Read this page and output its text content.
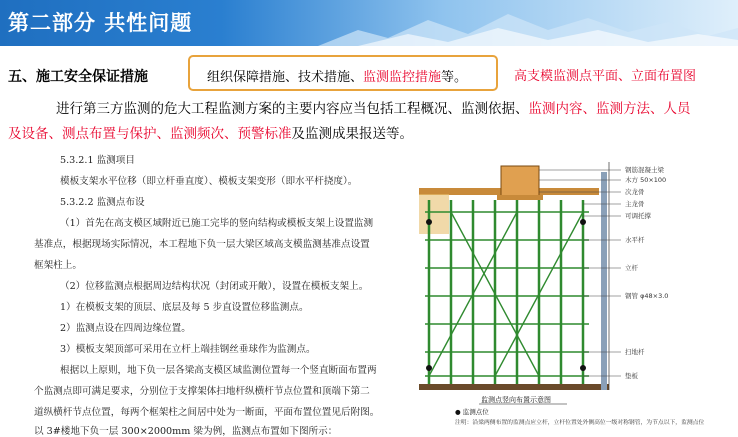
第二部分 共性问题
五、施工安全保证措施	组织保障措施、技术措施、监测监控措施等。	高支模监测点平面、立面布置图
进行第三方监测的危大工程监测方案的主要内容应当包括工程概况、监测依据、监测内容、监测方法、人员
及设备、测点布置与保护、监测频次、预警标准及监测成果报送等。
5.3.2.1 监测项目
模板支架水平位移（即立杆垂直度）、模板支架变形（即水平杆挠度）。
5.3.2.2 监测点布设
（1）首先在高支模区域附近已施工完毕的竖向结构或模板支架上设置监测
基准点，根据现场实际情况，本工程地下负一层大梁区域高支模监测基准点设置
框架柱上。
（2）位移监测点根据周边结构状况（封闭或开敞），设置在模板支架上。
1）在模板支架的顶层、底层及每 5 步直设置位移监测点。
2）监测点设在四周边缘位置。
3）模板支架顶部可采用在立杆上端挂钢丝垂球作为监测点。
根据以上原则，地下负一层各梁高支模区域监测位置每一个竖直断面布置两
个监测点即可满足要求，分别位于支撑架体扫地杆纵横杆节点位置和顶端下第二
道纵横杆节点位置，每两个框架柱之间居中处为一断面，平面布置位置见后附图。
以 3#楼地下负一层 300×2000mm 梁为例，监测点布置如下图所示：
钢筋混凝土梁
木方 50×100
次龙骨
主龙骨
可调托撑
水平杆
立杆
钢管 φ48×3.0
扫地杆
垫板
监测点竖向布置示意图
● 监测点位
注明：沿梁两侧布置的监测点应立杆，立杆位置处外侧高位一级对称钢管，为节点以下，监测点位
